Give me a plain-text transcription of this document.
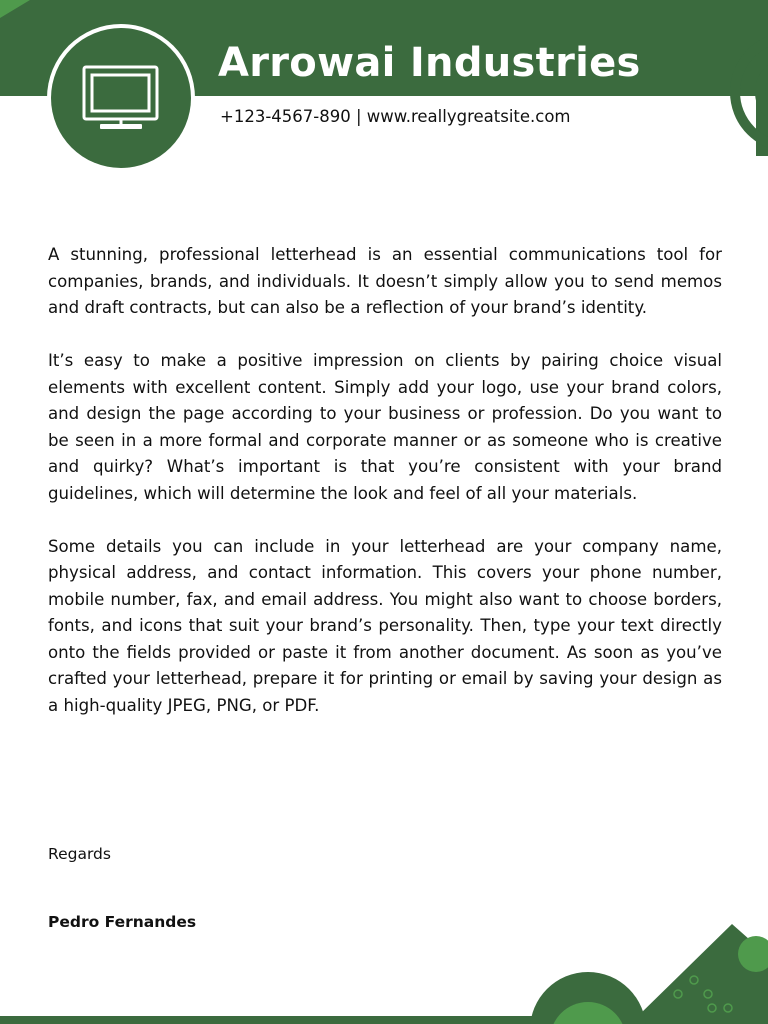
Arrowai Industries
+123-4567-890 | www.reallygreatsite.com

A stunning, professional letterhead is an essential communications tool for companies, brands, and individuals. It doesn’t simply allow you to send memos and draft contracts, but can also be a reflection of your brand’s identity.

It’s easy to make a positive impression on clients by pairing choice visual elements with excellent content. Simply add your logo, use your brand colors, and design the page according to your business or profession. Do you want to be seen in a more formal and corporate manner or as someone who is creative and quirky? What’s important is that you’re consistent with your brand guidelines, which will determine the look and feel of all your materials.

Some details you can include in your letterhead are your company name, physical address, and contact information. This covers your phone number, mobile number, fax, and email address. You might also want to choose borders, fonts, and icons that suit your brand’s personality. Then, type your text directly onto the fields provided or paste it from another document. As soon as you’ve crafted your letterhead, prepare it for printing or email by saving your design as a high-quality JPEG, PNG, or PDF.

Regards
Pedro Fernandes
